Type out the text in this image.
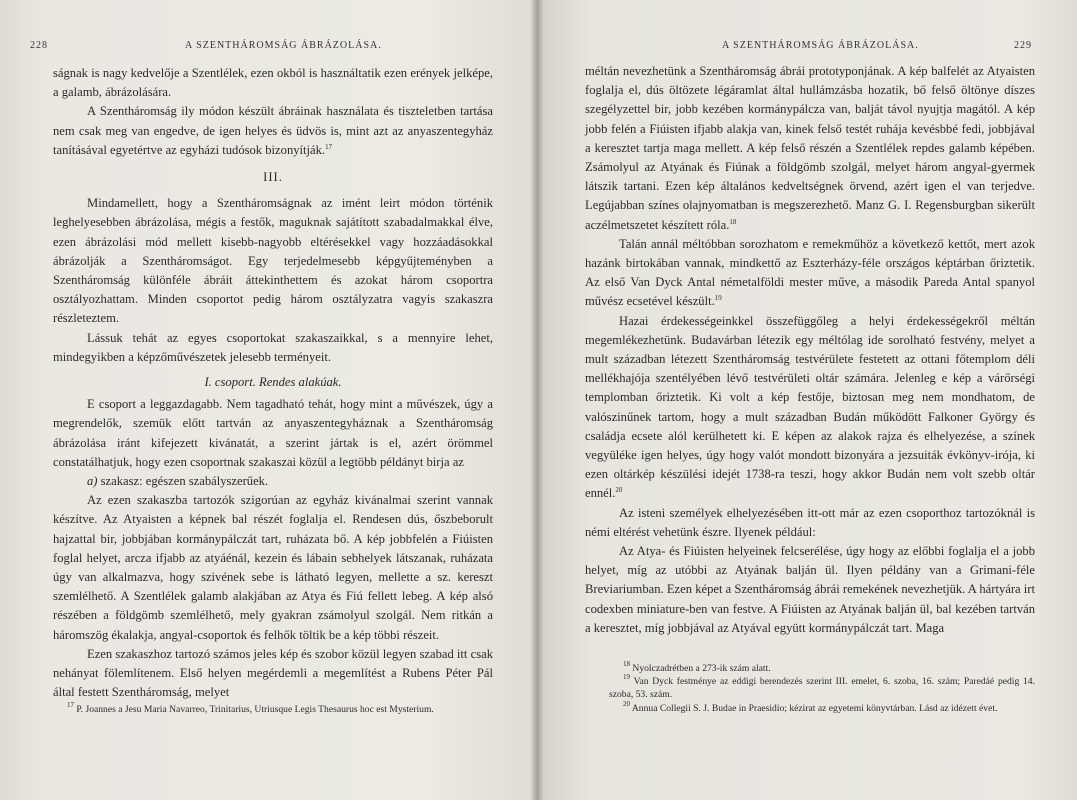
228	A SZENTHÁROMSÁG ÁBRÁZOLÁSA.

ságnak is nagy kedvelője a Szentlélek, ezen okból is használtatik ezen erények jelképe, a galamb, ábrázolására.

A Szentháromság ily módon készült ábráinak használata és tiszteletben tartása nem csak meg van engedve, de igen helyes és üdvös is, mint azt az anyaszentegyház tanításával egyetértve az egyházi tudósok bizonyítják.$^{17}$

III.

Mindamellett, hogy a Szentháromságnak az imént leirt módon történik leghelyesebben ábrázolása, mégis a festők, maguknak sajátított szabadalmakkal élve, ezen ábrázolási mód mellett kisebb-nagyobb eltérésekkel vagy hozzáadásokkal ábrázolják a Szentháromságot. Egy terjedelmesebb képgyűjteményben a Szentháromság különféle ábráit áttekinthettem és azokat három csoportra osztályozhattam. Minden csoportot pedig három osztályzatra vagyis szakaszra részleteztem.

Lássuk tehát az egyes csoportokat szakaszaikkal, s a mennyire lehet, mindegyikben a képzőművészetek jelesebb terményeit.

I. csoport. Rendes alakúak.

E csoport a leggazdagabb. Nem tagadható tehát, hogy mint a művészek, úgy a megrendelők, szemük előtt tartván az anyaszentegyháznak a Szentháromság ábrázolása iránt kifejezett kivánatát, a szerint jártak is el, azért örömmel constatálhatjuk, hogy ezen csoportnak szakaszai közül a legtöbb példányt birja az

a) szakasz: egészen szabályszerűek.

Az ezen szakaszba tartozók szigorúan az egyház kivánalmai szerint vannak készítve. Az Atyaisten a képnek bal részét foglalja el. Rendesen dús, őszbeborult hajzattal bir, jobbjában kormánypálczát tart, ruházata bő. A kép jobbfelén a Fiúisten foglal helyet, arcza ifjabb az atyáénál, kezein és lábain sebhelyek látszanak, ruházata úgy van alkalmazva, hogy szivének sebe is látható legyen, mellette a sz. kereszt szemlélhető. A Szentlélek galamb alakjában az Atya és Fiú fellett lebeg. A kép alsó részében a földgömb szemlélhető, mely gyakran zsámolyul szolgál. Nem ritkán a háromszög ékalakja, angyal-csoportok és felhők töltik be a kép többi részeit.

Ezen szakaszhoz tartozó számos jeles kép és szobor közül legyen szabad itt csak nehányat fölemlítenem. Első helyen megérdemli a megemlítést a Rubens Péter Pál által festett Szentháromság, melyet

$^{17}$ P. Joannes a Jesu Maria Navarreo, Trinitarius, Utriusque Legis Thesaurus hoc est Mysterium.

A SZENTHÁROMSÁG ÁBRÁZOLÁSA.	229

méltán nevezhetünk a Szentháromság ábrái prototyponjának. A kép balfelét az Atyaisten foglalja el, dús öltözete légáramlat által hullámzásba hozatik, bő felső öltönye díszes szegélyzettel bir, jobb kezében kormánypálcza van, balját távol nyujtja magától. A kép jobb felén a Fiúisten ifjabb alakja van, kinek felső testét ruhája kevésbbé fedi, jobbjával a keresztet tartja maga mellett. A kép felső részén a Szentlélek repdes galamb képében. Zsámolyul az Atyának és Fiúnak a földgömb szolgál, melyet három angyal-gyermek látszik tartani. Ezen kép általános kedveltségnek örvend, azért igen el van terjedve. Legújabban színes olajnyomatban is megszerezhető. Manz G. I. Regensburgban sikerült aczélmetszetet készített róla.$^{18}$

Talán annál méltóbban sorozhatom e remekműhöz a következő kettőt, mert azok hazánk birtokában vannak, mindkettő az Eszterházy-féle országos képtárban őriztetik. Az első Van Dyck Antal németalföldi mester műve, a második Pareda Antal spanyol művész ecsetével készült.$^{19}$

Hazai érdekességeinkkel összefüggőleg a helyi érdekességekről méltán megemlékezhetünk. Budavárban létezik egy méltólag ide sorolható festvény, melyet a mult században létezett Szentháromság testvérülete festetett az ottani főtemplom déli mellékhajója szentélyében lévő testvérületi oltár számára. Jelenleg e kép a várőrségi templomban őriztetik. Ki volt a kép festője, biztosan meg nem mondhatom, de valószinűnek tartom, hogy a mult században Budán működött Falkoner György és családja ecsete alól kerülhetett ki. E képen az alakok rajza és elhelyezése, a színek vegyüléke igen helyes, úgy hogy valót mondott bizonyára a jezsuiták évkönyv-irója, ki ezen oltárkép készülési idejét 1738-ra teszi, hogy akkor Budán nem volt szebb oltár ennél.$^{20}$

Az isteni személyek elhelyezésében itt-ott már az ezen csoporthoz tartozóknál is némi eltérést vehetünk észre. Ilyenek például:

Az Atya- és Fiúisten helyeinek felcserélése, úgy hogy az előbbi foglalja el a jobb helyet, míg az utóbbi az Atyának balján ül. Ilyen példány van a Grimani-féle Breviariumban. Ezen képet a Szentháromság ábrái remekének nevezhetjük. A hártyára irt codexben miniature-ben van festve. A Fiúisten az Atyának balján ül, bal kezében tartván a keresztet, míg jobbjával az Atyával együtt kormánypálczát tart. Maga

$^{18}$ Nyolczadrétben a 273-ik szám alatt.

$^{19}$ Van Dyck festménye az eddigi berendezés szerint III. emelet, 6. szoba, 16. szám; Paredáé pedig 14. szoba, 53. szám.

$^{20}$ Annua Collegii S. J. Budae in Praesidio; kézirat az egyetemi könyvtárban. Lásd az idézett évet.
